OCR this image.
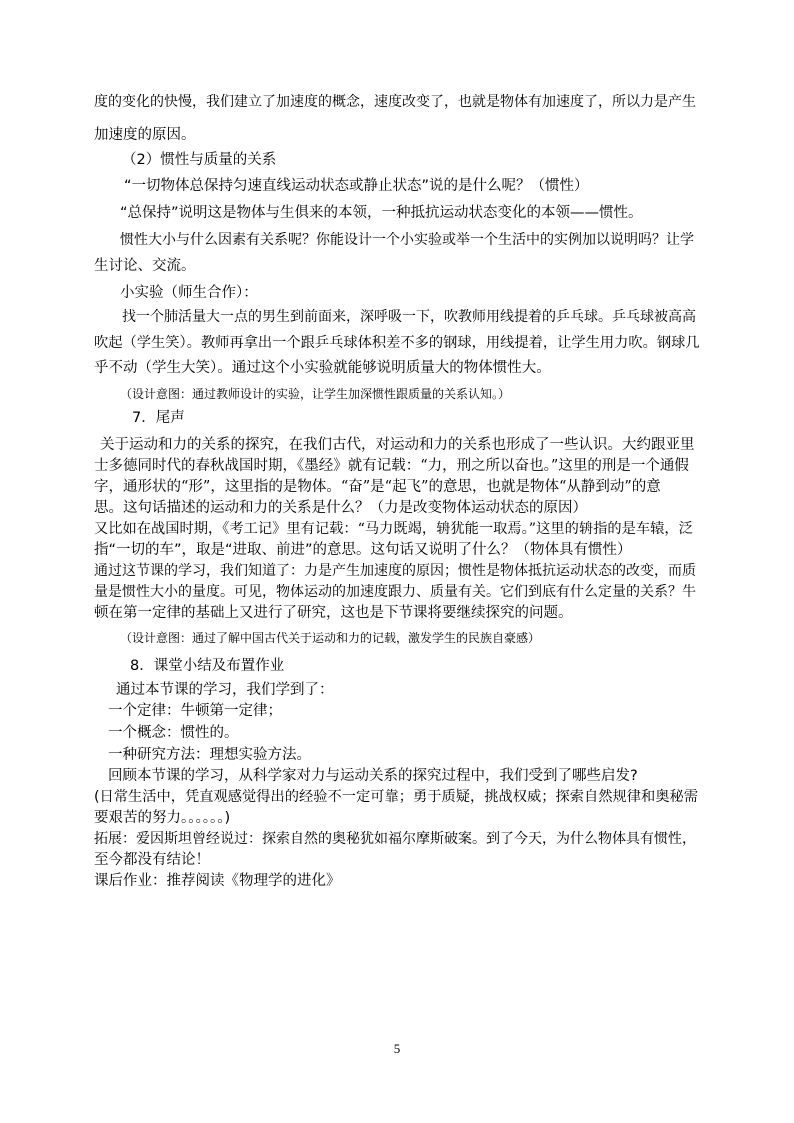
度的变化的快慢，我们建立了加速度的概念，速度改变了，也就是物体有加速度了，所以力是产生
加速度的原因。
（2）惯性与质量的关系
“一切物体总保持匀速直线运动状态或静止状态”说的是什么呢？（惯性）
“总保持”说明这是物体与生俱来的本领，一种抵抗运动状态变化的本领——惯性。
惯性大小与什么因素有关系呢？你能设计一个小实验或举一个生活中的实例加以说明吗？让学
生讨论、交流。
小实验（师生合作）：
找一个肺活量大一点的男生到前面来，深呼吸一下，吹教师用线提着的乒乓球。乒乓球被高高
吹起（学生笑）。教师再拿出一个跟乒乓球体积差不多的钢球，用线提着，让学生用力吹。钢球几
乎不动（学生大笑）。通过这个小实验就能够说明质量大的物体惯性大。
（设计意图：通过教师设计的实验，让学生加深惯性跟质量的关系认知。）
7．尾声
关于运动和力的关系的探究，在我们古代，对运动和力的关系也形成了一些认识。大约跟亚里
士多德同时代的春秋战国时期，《墨经》就有记载：“力，刑之所以奋也。”这里的刑是一个通假
字，通形状的“形”，这里指的是物体。“奋”是“起飞”的意思，也就是物体“从静到动”的意
思。这句话描述的运动和力的关系是什么？（力是改变物体运动状态的原因）
又比如在战国时期，《考工记》里有记载：“马力既竭，辀犹能一取焉。”这里的辀指的是车辕，泛
指“一切的车”，取是“进取、前进”的意思。这句话又说明了什么？（物体具有惯性）
通过这节课的学习，我们知道了：力是产生加速度的原因；惯性是物体抵抗运动状态的改变，而质
量是惯性大小的量度。可见，物体运动的加速度跟力、质量有关。它们到底有什么定量的关系？牛
顿在第一定律的基础上又进行了研究，这也是下节课将要继续探究的问题。
（设计意图：通过了解中国古代关于运动和力的记载，激发学生的民族自豪感）
8．课堂小结及布置作业
通过本节课的学习，我们学到了：
一个定律：牛顿第一定律；
一个概念：惯性的。
一种研究方法：理想实验方法。
回顾本节课的学习，从科学家对力与运动关系的探究过程中，我们受到了哪些启发?
(日常生活中，凭直观感觉得出的经验不一定可靠；勇于质疑，挑战权威；探索自然规律和奥秘需
要艰苦的努力。。。。。。)
拓展：爱因斯坦曾经说过：探索自然的奥秘犹如福尔摩斯破案。到了今天，为什么物体具有惯性，
至今都没有结论！
课后作业：推荐阅读《物理学的进化》
5
